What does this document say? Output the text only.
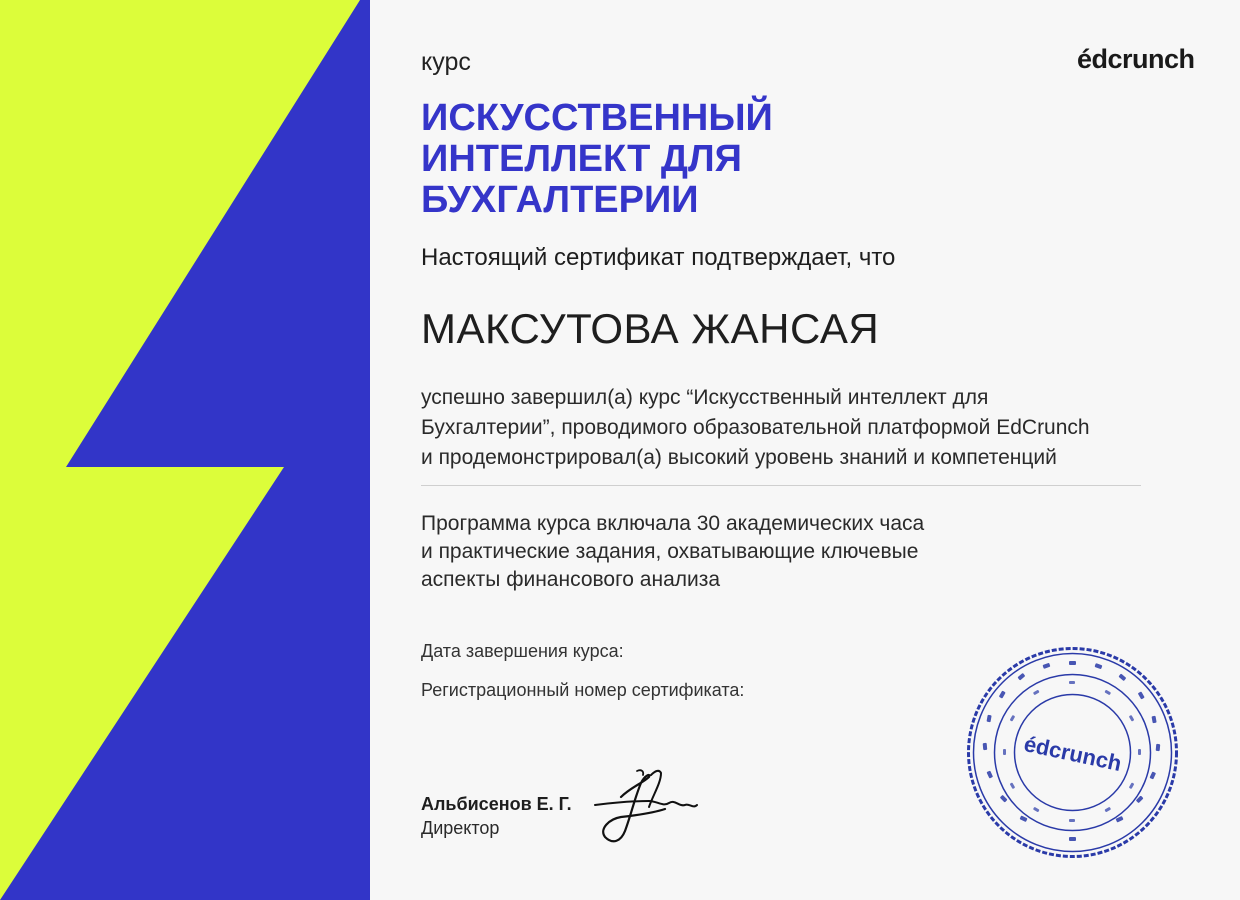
курс	édcrunch
ИСКУССТВЕННЫЙ
ИНТЕЛЛЕКТ ДЛЯ
БУХГАЛТЕРИИ
Настоящий сертификат подтверждает, что
МАКСУТОВА ЖАНСАЯ
успешно завершил(а) курс “Искусственный интеллект для
Бухгалтерии”, проводимого образовательной платформой EdCrunch
и продемонстрировал(а) высокий уровень знаний и компетенций
Программа курса включала 30 академических часа
и практические задания, охватывающие ключевые
аспекты финансового анализа
Дата завершения курса:
Регистрационный номер сертификата:
Альбисенов Е. Г.
Директор
édcrunch
